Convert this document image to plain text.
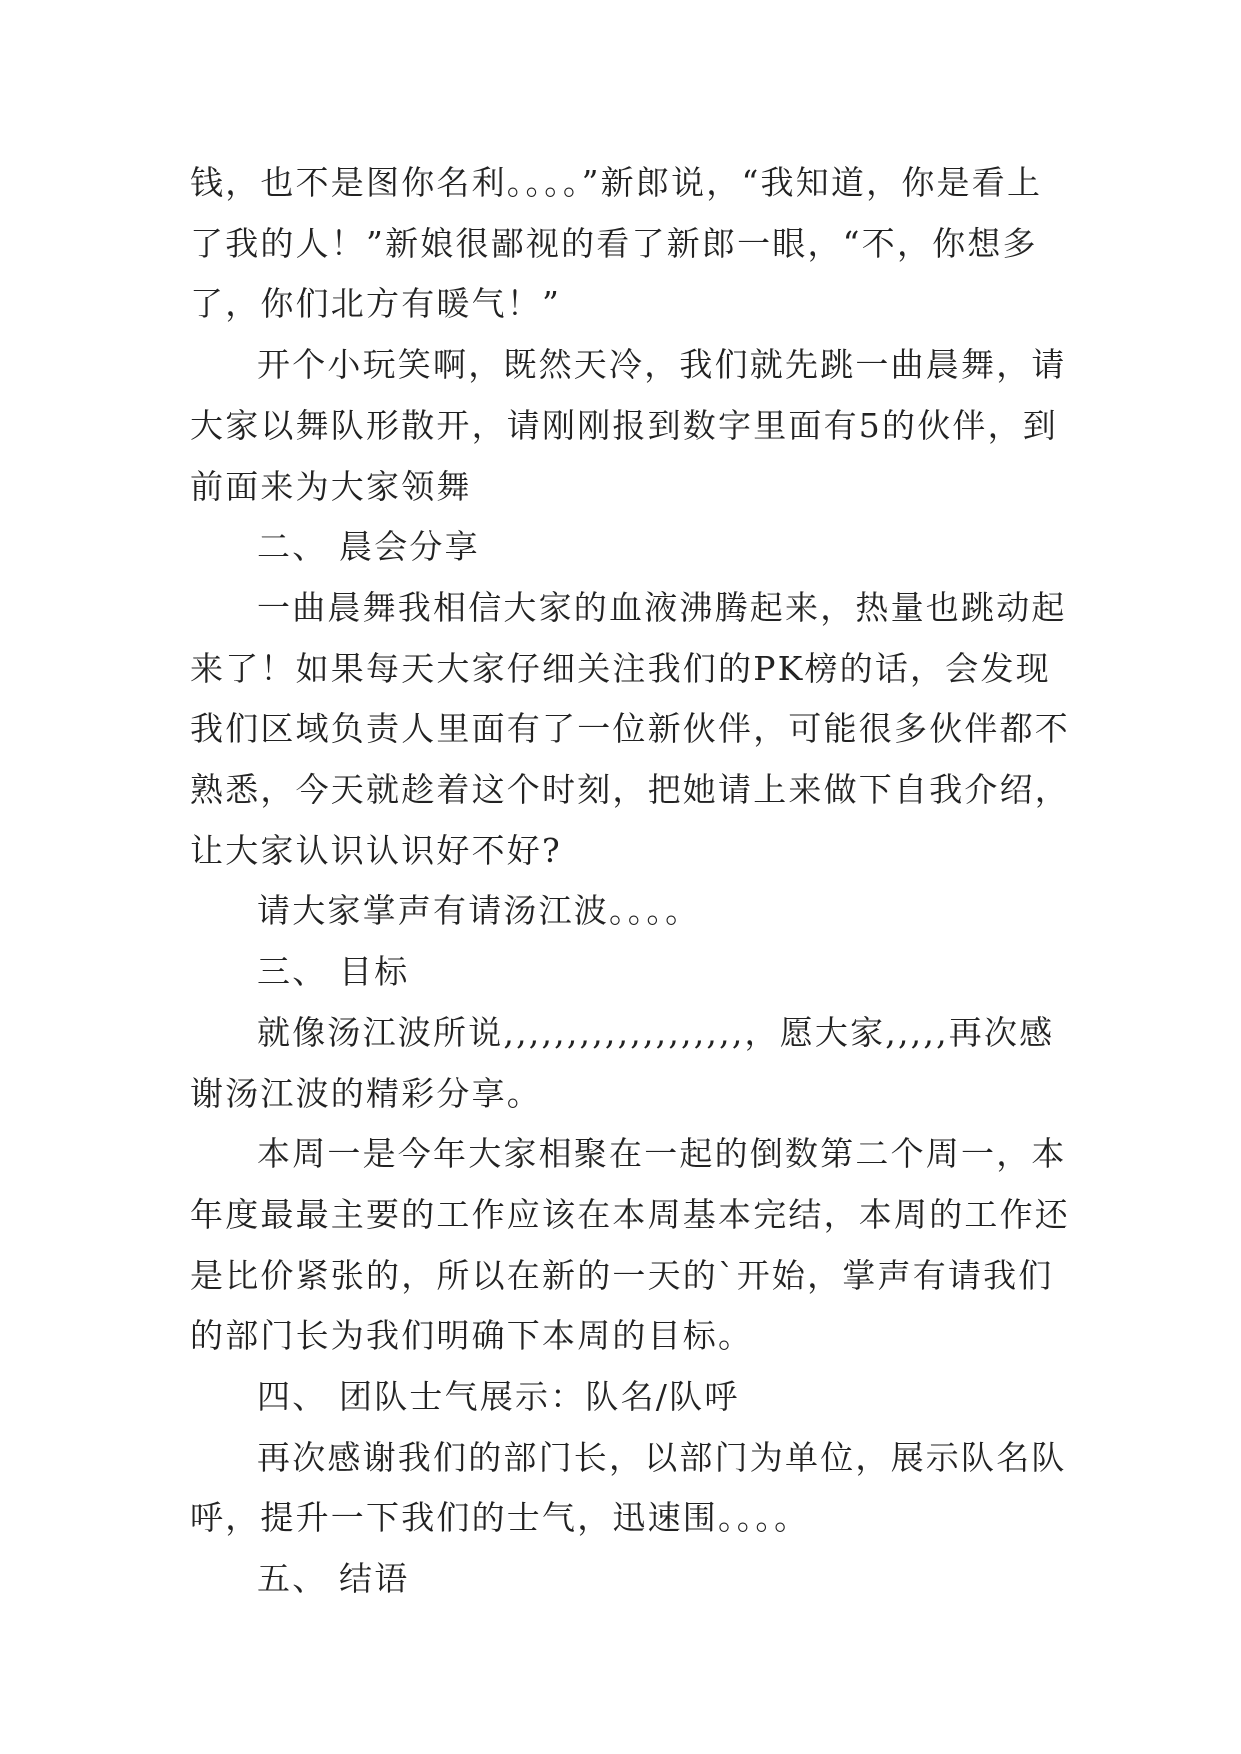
钱，也不是图你名利。。。。”新郎说，“我知道，你是看上了我的人！”新娘很鄙视的看了新郎一眼，“不，你想多了，你们北方有暖气！”

开个小玩笑啊，既然天冷，我们就先跳一曲晨舞，请大家以舞队形散开，请刚刚报到数字里面有5的伙伴，到前面来为大家领舞

二、 晨会分享

一曲晨舞我相信大家的血液沸腾起来，热量也跳动起来了！如果每天大家仔细关注我们的PK榜的话，会发现我们区域负责人里面有了一位新伙伴，可能很多伙伴都不熟悉，今天就趁着这个时刻，把她请上来做下自我介绍，让大家认识认识好不好?

请大家掌声有请汤江波。。。。

三、 目标

就像汤江波所说,,,,,,,,,,,,,,,,,,,，愿大家,,,,,再次感谢汤江波的精彩分享。

本周一是今年大家相聚在一起的倒数第二个周一，本年度最最主要的工作应该在本周基本完结，本周的工作还是比价紧张的，所以在新的一天的`开始，掌声有请我们的部门长为我们明确下本周的目标。

四、 团队士气展示：队名/队呼

再次感谢我们的部门长，以部门为单位，展示队名队呼，提升一下我们的士气，迅速围。。。。

五、 结语
